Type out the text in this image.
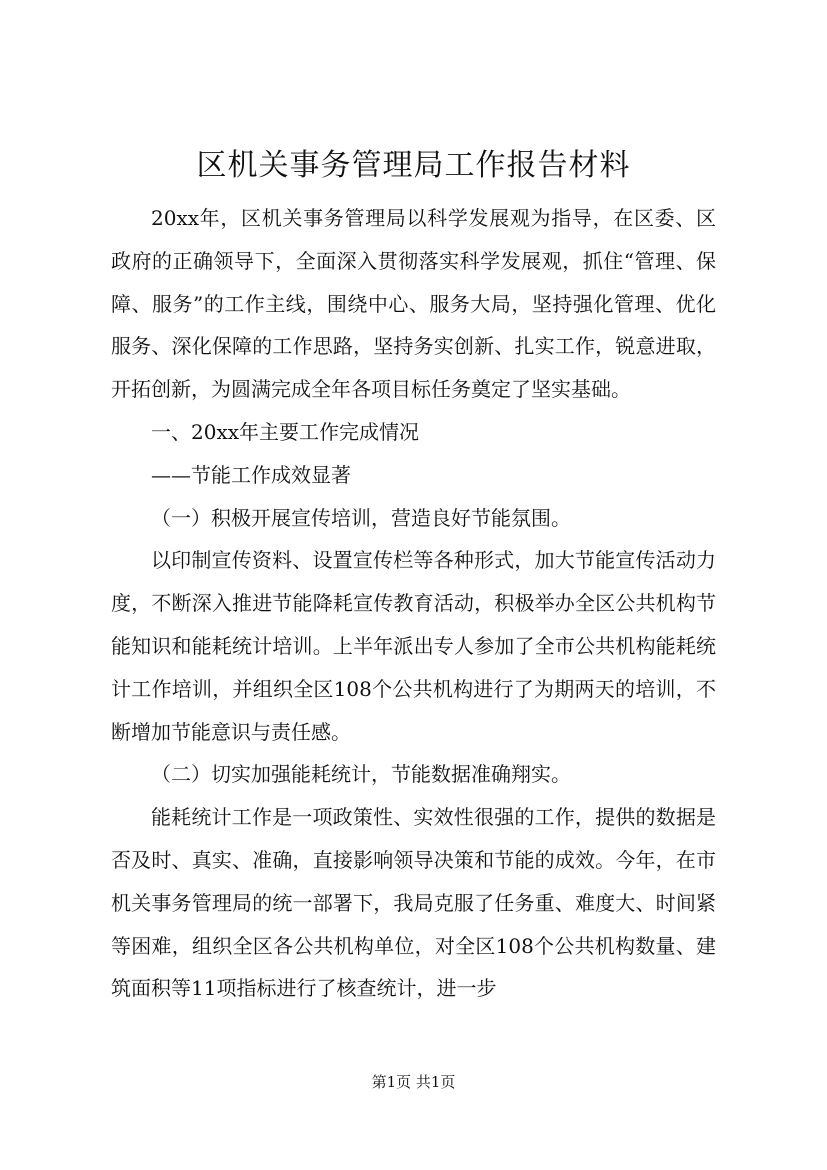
区机关事务管理局工作报告材料

20xx年，区机关事务管理局以科学发展观为指导，在区委、区政府的正确领导下，全面深入贯彻落实科学发展观，抓住“管理、保障、服务”的工作主线，围绕中心、服务大局，坚持强化管理、优化服务、深化保障的工作思路，坚持务实创新、扎实工作，锐意进取，开拓创新，为圆满完成全年各项目标任务奠定了坚实基础。

一、20xx年主要工作完成情况

——节能工作成效显著

（一）积极开展宣传培训，营造良好节能氛围。

以印制宣传资料、设置宣传栏等各种形式，加大节能宣传活动力度，不断深入推进节能降耗宣传教育活动，积极举办全区公共机构节能知识和能耗统计培训。上半年派出专人参加了全市公共机构能耗统计工作培训，并组织全区108个公共机构进行了为期两天的培训，不断增加节能意识与责任感。

（二）切实加强能耗统计，节能数据准确翔实。

能耗统计工作是一项政策性、实效性很强的工作，提供的数据是否及时、真实、准确，直接影响领导决策和节能的成效。今年，在市机关事务管理局的统一部署下，我局克服了任务重、难度大、时间紧等困难，组织全区各公共机构单位，对全区108个公共机构数量、建筑面积等11项指标进行了核查统计，进一步

第1页 共1页
